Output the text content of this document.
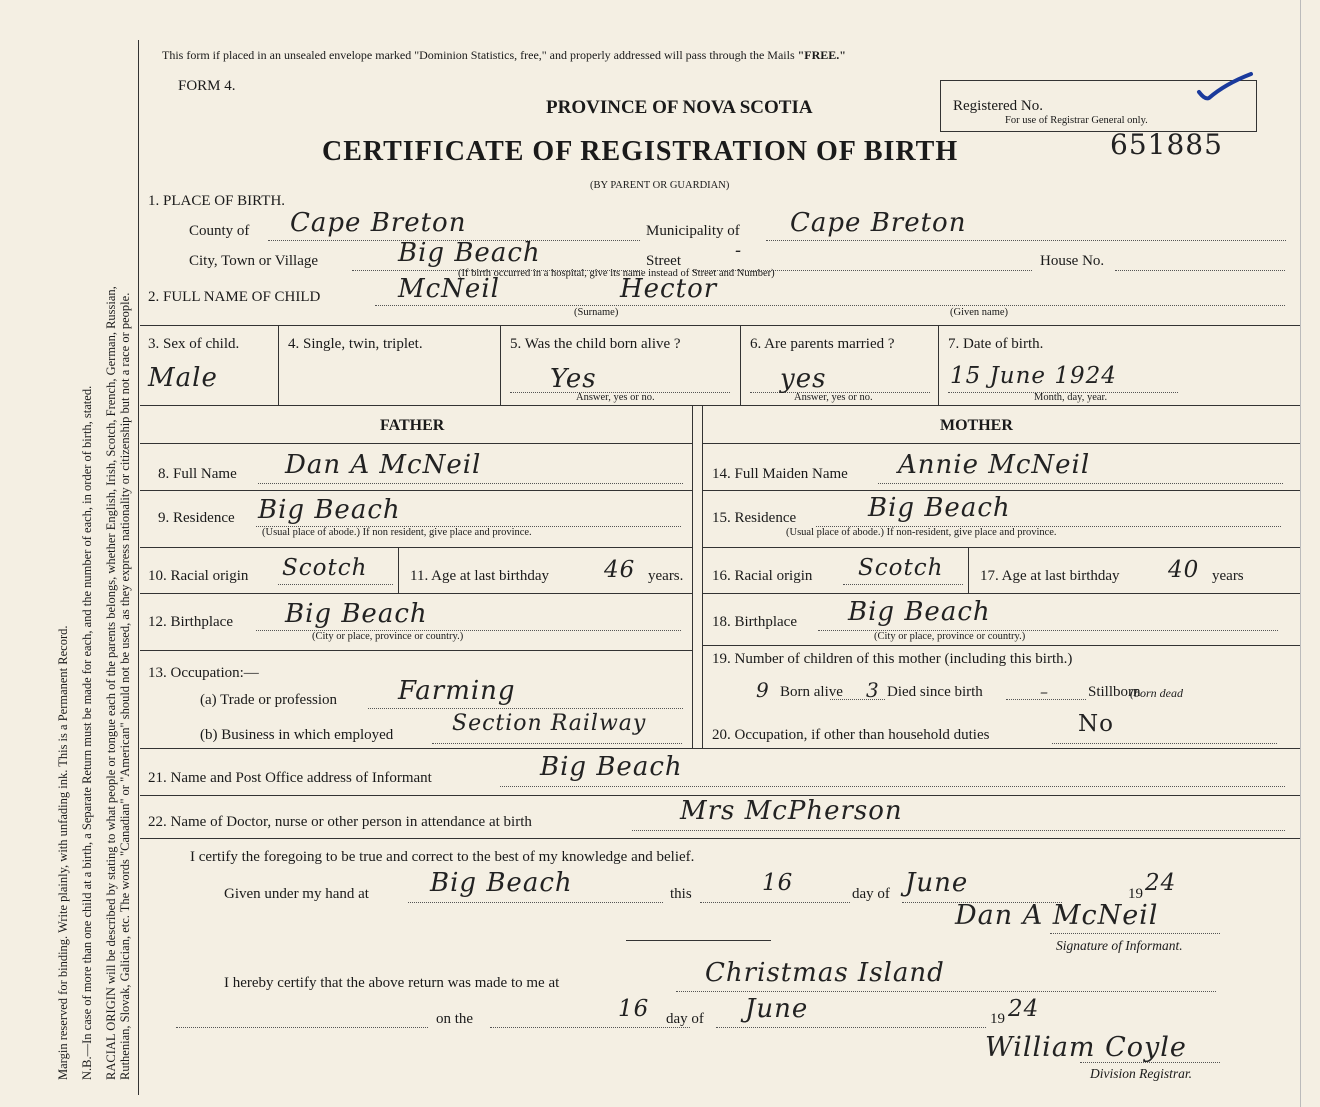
Margin reserved for binding. Write plainly, with unfading ink. This is a Permanent Record. N.B.—In case of more than one child at a birth, a Separate Return must be made for each, and the number of each, in order of birth, stated. RACIAL ORIGIN will be described by stating to what people or tongue each of the parents belongs, whether English, Irish, Scotch, French, German, Russian, Ruthenian, Slovak, Galician, etc. The words "Canadian" or "American" should not be used, as they express nationality or citizenship but not a race or people.
This form if placed in an unsealed envelope marked "Dominion Statistics, free," and properly addressed will pass through the Mails "FREE."
FORM 4.
PROVINCE OF NOVA SCOTIA
CERTIFICATE OF REGISTRATION OF BIRTH
(BY PARENT OR GUARDIAN)
Registered No.
For use of Registrar General only.
651885
1. PLACE OF BIRTH.
County of Cape Breton	Municipality of Cape Breton
City, Town or Village	Big Beach	Street	-	House No.
(If birth occurred in a hospital, give its name instead of Street and Number)
2. FULL NAME OF CHILD	McNeil	Hector
(Surname)	(Given name)
3. Sex of child.
Male
4. Single, twin, triplet.	5. Was the child born alive ?
Yes
Answer, yes or no.
6. Are parents married ?
yes
Answer, yes or no.
7. Date of birth.
15 June 1924
Month, day, year.
FATHER	MOTHER
8. Full Name Dan A McNeil
9. Residence Big Beach
(Usual place of abode.) If non resident, give place and province.
10. Racial origin Scotch	11. Age at last birthday 46 years.
12. Birthplace Big Beach
(City or place, province or country.)
13. Occupation:—
(a) Trade or profession Farming
(b) Business in which employed	Section Railway
14. Full Maiden Name Annie McNeil
15. Residence	Big Beach
(Usual place of abode.) If non-resident, give place and province.
16. Racial origin Scotch 17. Age at last birthday 40 years
18. Birthplace Big Beach
(City or place, province or country.)
19. Number of children of this mother (including this birth.)
9 Born alive 3 Died since birth	–	Stillborn
(born dead
20. Occupation, if other than household duties	No
21. Name and Post Office address of Informant	Big Beach
22. Name of Doctor, nurse or other person in attendance at birth	Mrs McPherson
I certify the foregoing to be true and correct to the best of my knowledge and belief.
Given under my hand at Big Beach	this	16	day of June	19 24
Dan A McNeil
Signature of Informant.
I hereby certify that the above return was made to me at	Christmas Island
on the	16 day of June	19 24
William Coyle
Division Registrar.
